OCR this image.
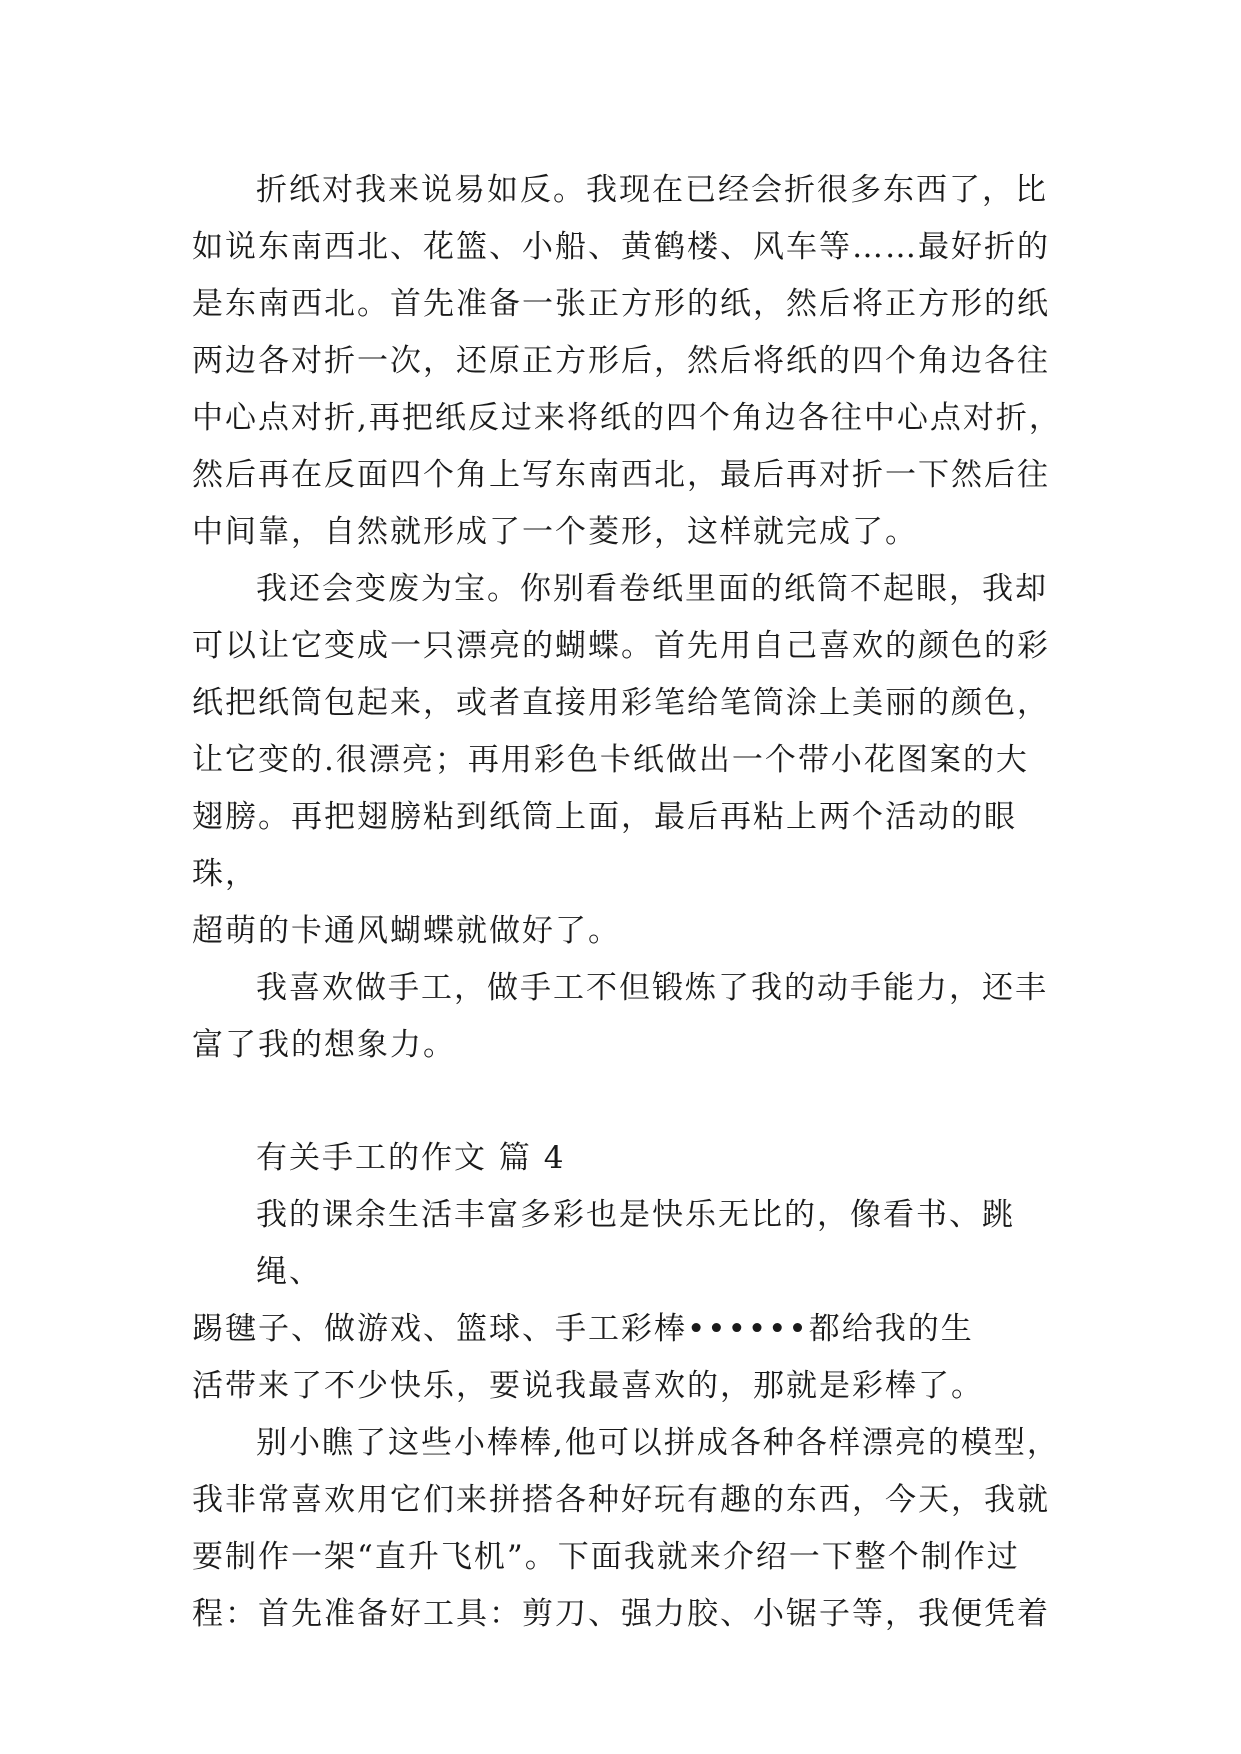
折纸对我来说易如反。我现在已经会折很多东西了，比

如说东南西北、花篮、小船、黄鹤楼、风车等……最好折的

是东南西北。首先准备一张正方形的纸，然后将正方形的纸

两边各对折一次，还原正方形后，然后将纸的四个角边各往

中心点对折,再把纸反过来将纸的四个角边各往中心点对折，

然后再在反面四个角上写东南西北，最后再对折一下然后往

中间靠，自然就形成了一个菱形，这样就完成了。

我还会变废为宝。你别看卷纸里面的纸筒不起眼，我却

可以让它变成一只漂亮的蝴蝶。首先用自己喜欢的颜色的彩

纸把纸筒包起来，或者直接用彩笔给笔筒涂上美丽的颜色，

让它变的.很漂亮；再用彩色卡纸做出一个带小花图案的大

翅膀。再把翅膀粘到纸筒上面，最后再粘上两个活动的眼珠，

超萌的卡通风蝴蝶就做好了。

我喜欢做手工，做手工不但锻炼了我的动手能力，还丰

富了我的想象力。

有关手工的作文 篇 4

我的课余生活丰富多彩也是快乐无比的，像看书、跳绳、

踢毽子、做游戏、篮球、手工彩棒••••••都给我的生

活带来了不少快乐，要说我最喜欢的，那就是彩棒了。

别小瞧了这些小棒棒,他可以拼成各种各样漂亮的模型，

我非常喜欢用它们来拼搭各种好玩有趣的东西，今天，我就

要制作一架“直升飞机”。下面我就来介绍一下整个制作过

程：首先准备好工具：剪刀、强力胶、小锯子等，我便凭着
